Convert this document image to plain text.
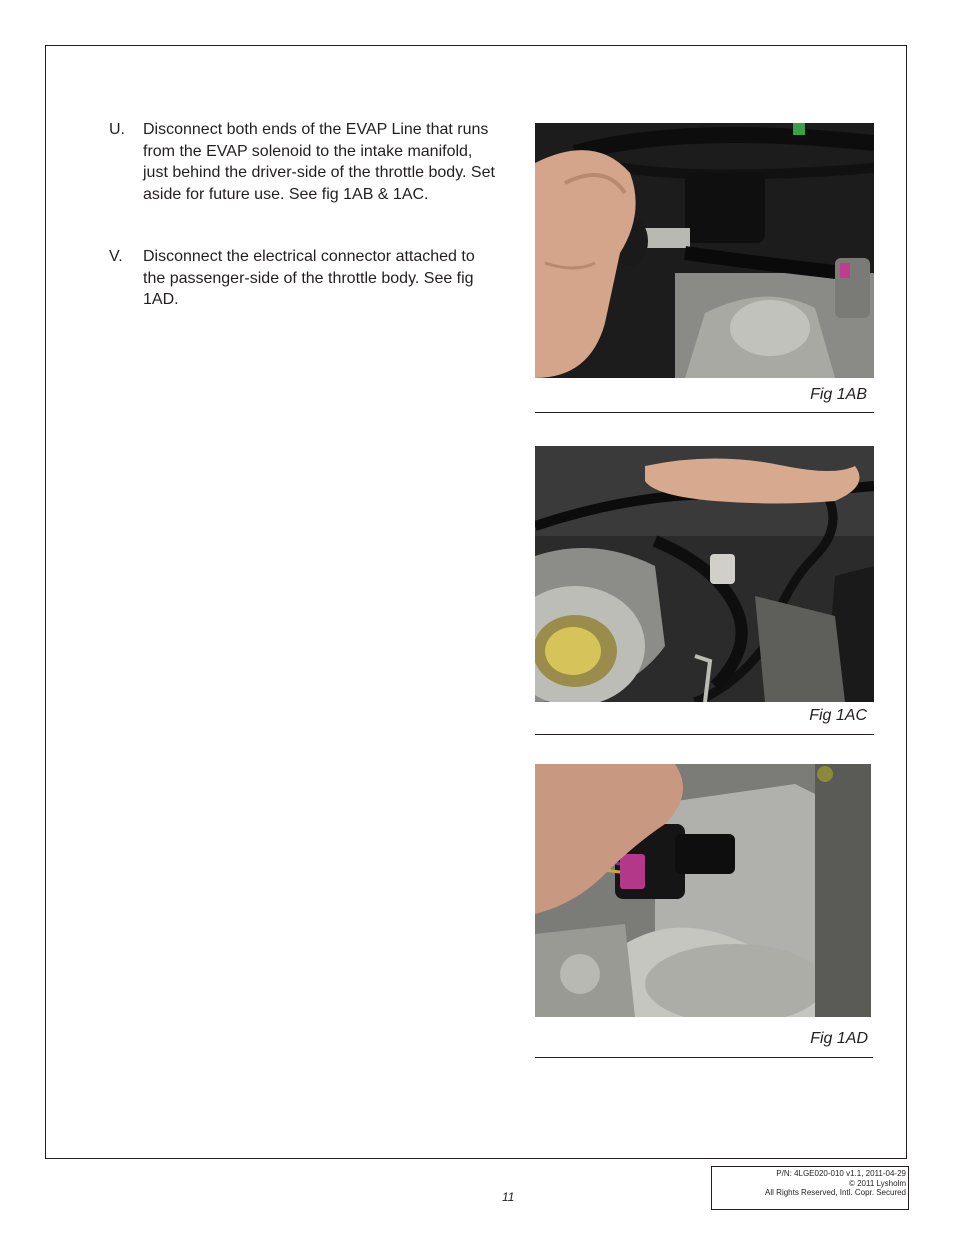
U. Disconnect both ends of the EVAP Line that runs from the EVAP solenoid to the intake manifold, just behind the driver-side of the throttle body. Set aside for future use. See fig 1AB & 1AC.
V. Disconnect the electrical connector attached to the passenger-side of the throttle body. See fig 1AD.
Fig 1AB
Fig 1AC
Fig 1AD
11
P/N: 4LGE020-010 v1.1, 2011-04-29
© 2011 Lysholm
All Rights Reserved, Intl. Copr. Secured
